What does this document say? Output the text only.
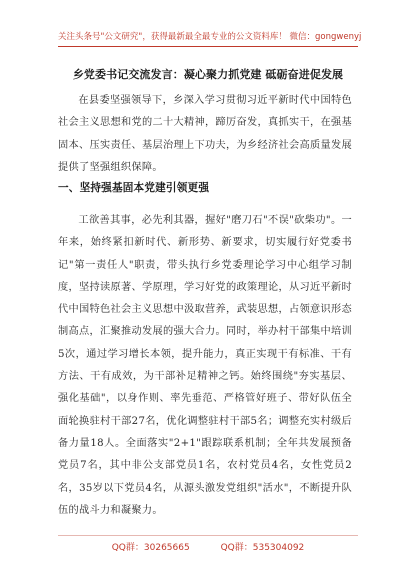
关注头条号"公文研究"，获得最新最全最专业的公文资料库！ 微信：gongwenyj
乡党委书记交流发言：凝心聚力抓党建 砥砺奋进促发展
在县委坚强领导下，乡深入学习贯彻习近平新时代中国特色社会主义思想和党的二十大精神，蹄厉奋发，真抓实干，在强基固本、压实责任、基层治理上下功夫，为乡经济社会高质量发展提供了坚强组织保障。
一、坚持强基固本党建引领更强
工欲善其事，必先利其器，握好"磨刀石"不误"砍柴功"。一年来，始终紧扣新时代、新形势、新要求，切实履行好党委书记"第一责任人"职责，带头执行乡党委理论学习中心组学习制度，坚持读原著、学原理，学习好党的政策理论，从习近平新时代中国特色社会主义思想中汲取营养，武装思想，占领意识形态制高点，汇聚推动发展的强大合力。同时，举办村干部集中培训5次，通过学习增长本领，提升能力，真正实现干有标准、干有方法、干有成效，为干部补足精神之钙。始终围绕"夯实基层、强化基础"，以身作则、率先垂范、严格管好班子、带好队伍全面轮换驻村干部27名，优化调整驻村干部5名；调整充实村级后备力量18人。全面落实"2+1"跟踪联系机制；全年共发展预备党员7名，其中非公支部党员1名，农村党员4名，女性党员2名，35岁以下党员4名，从源头激发党组织"活水"，不断提升队伍的战斗力和凝聚力。
QQ群：30265665	QQ群：535304092
